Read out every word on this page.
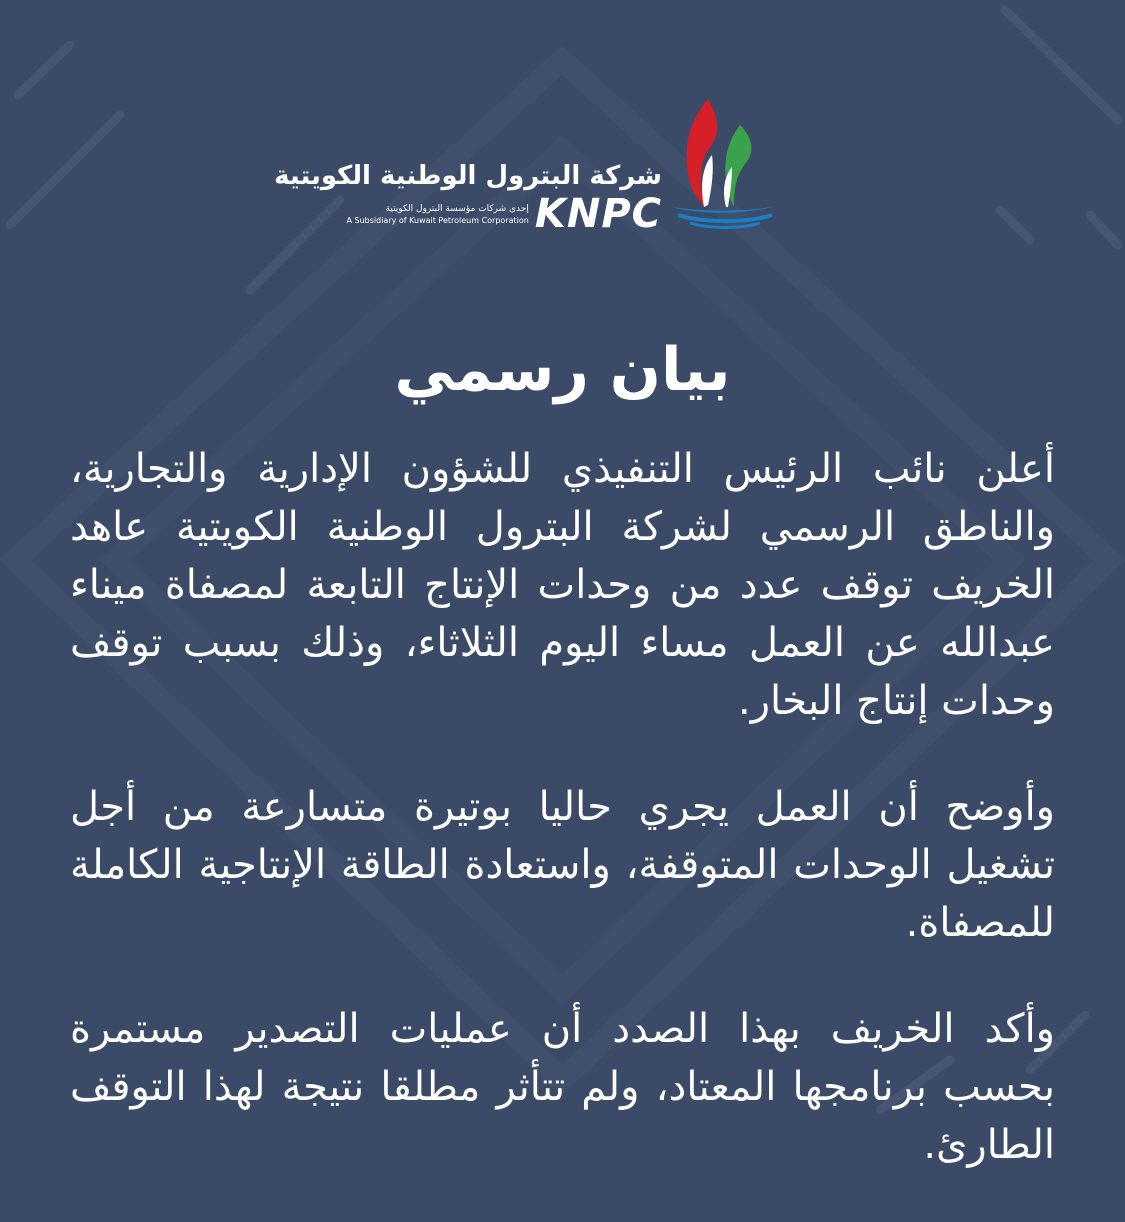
شركة البترول الوطنية الكويتية
إحدى شركات مؤسسة البترول الكويتية
A Subsidiary of Kuwait Petroleum Corporation KNPC
بيان رسمي

أعلن نائب الرئيس التنفيذي للشؤون الإدارية والتجارية، والناطق الرسمي لشركة البترول الوطنية الكويتية عاهد الخريف توقف عدد من وحدات الإنتاج التابعة لمصفاة ميناء عبدالله عن العمل مساء اليوم الثلاثاء، وذلك بسبب توقف وحدات إنتاج البخار.

وأوضح أن العمل يجري حاليا بوتيرة متسارعة من أجل تشغيل الوحدات المتوقفة، واستعادة الطاقة الإنتاجية الكاملة للمصفاة.

وأكد الخريف بهذا الصدد أن عمليات التصدير مستمرة بحسب برنامجها المعتاد، ولم تتأثر مطلقا نتيجة لهذا التوقف الطارئ.
